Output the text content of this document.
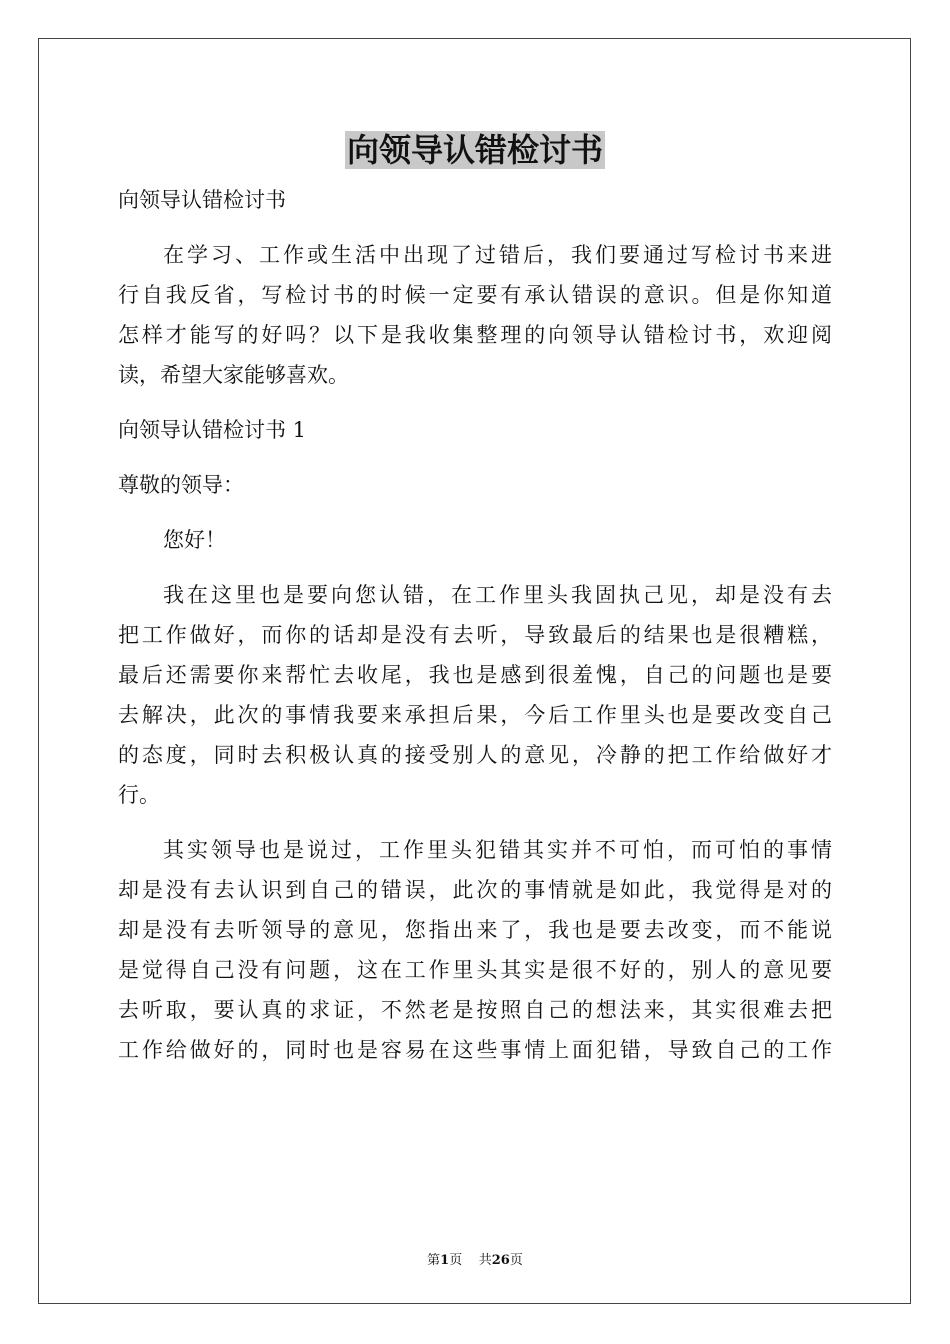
向领导认错检讨书
向领导认错检讨书
在学习、工作或生活中出现了过错后，我们要通过写检讨书来进
行自我反省，写检讨书的时候一定要有承认错误的意识。但是你知道
怎样才能写的好吗？以下是我收集整理的向领导认错检讨书，欢迎阅
读，希望大家能够喜欢。
向领导认错检讨书 1
尊敬的领导：
您好！
我在这里也是要向您认错，在工作里头我固执己见，却是没有去
把工作做好，而你的话却是没有去听，导致最后的结果也是很糟糕，
最后还需要你来帮忙去收尾，我也是感到很羞愧，自己的问题也是要
去解决，此次的事情我要来承担后果，今后工作里头也是要改变自己
的态度，同时去积极认真的接受别人的意见，冷静的把工作给做好才
行。
其实领导也是说过，工作里头犯错其实并不可怕，而可怕的事情
却是没有去认识到自己的错误，此次的事情就是如此，我觉得是对的
却是没有去听领导的意见，您指出来了，我也是要去改变，而不能说
是觉得自己没有问题，这在工作里头其实是很不好的，别人的意见要
去听取，要认真的求证，不然老是按照自己的想法来，其实很难去把
工作给做好的，同时也是容易在这些事情上面犯错，导致自己的工作
第1页 共26页
